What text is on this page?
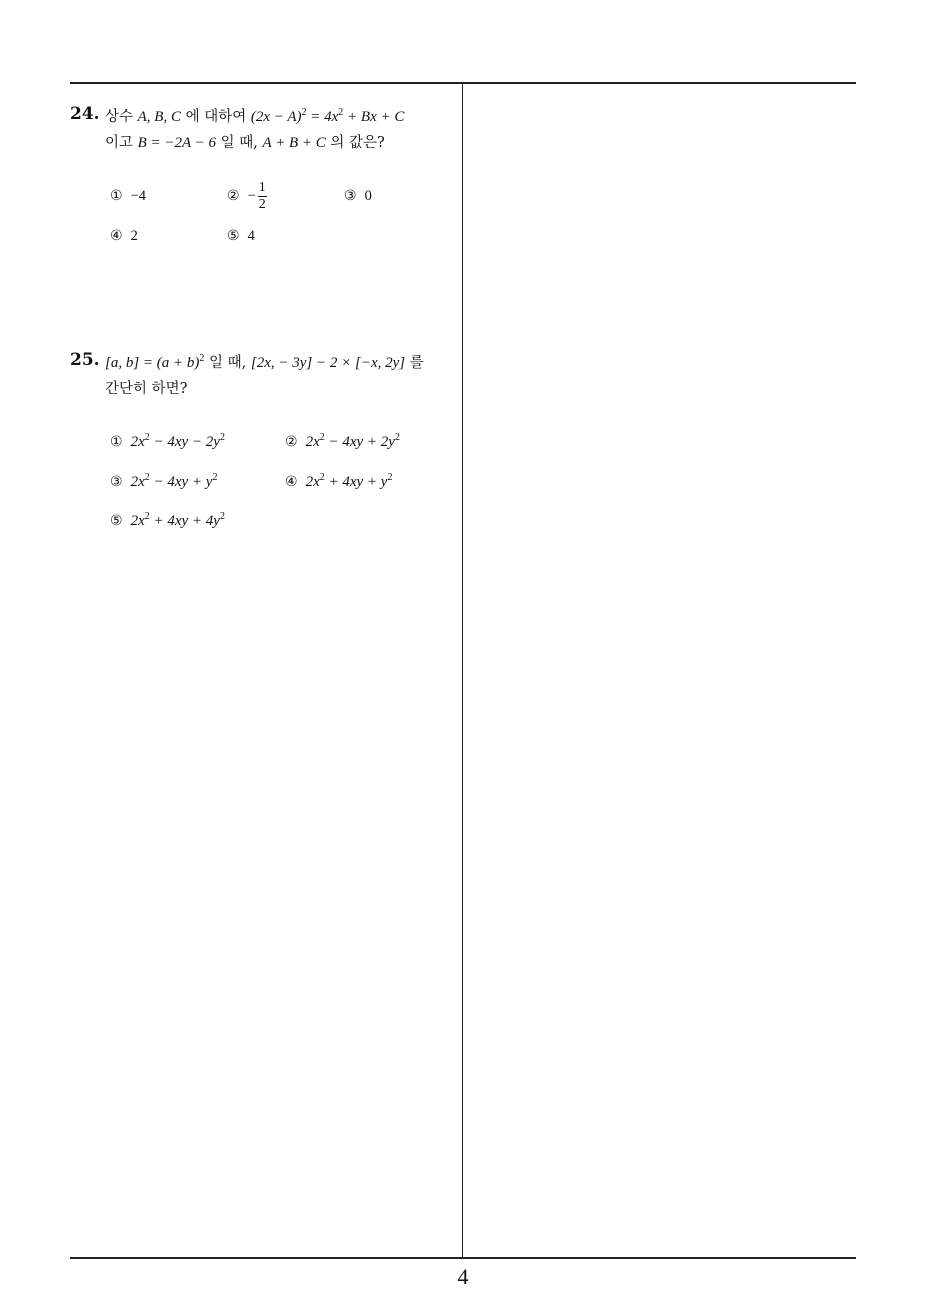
24. 상수 A, B, C 에 대하여 $(2x - A)^2 = 4x^2 + Bx + C$
이고 B = −2A − 6 일 때, A + B + C 의 값은?
① −4	② − $\frac{1}{2}$	③ 0
④ 2	⑤ 4
25. [a, $b] = (a + b)^2$ 일 때, [2x, − 3y] − 2 × [−x, 2y] 를
간단히 하면?
① $2x^2 - 4xy - 2y^2$	② $2x^2 - 4xy + 2y^2$
③ $2x^2 - 4xy + y^2$	④ $2x^2 + 4xy + y^2$
⑤ $2x^2 + 4xy + 4y^2$
4
